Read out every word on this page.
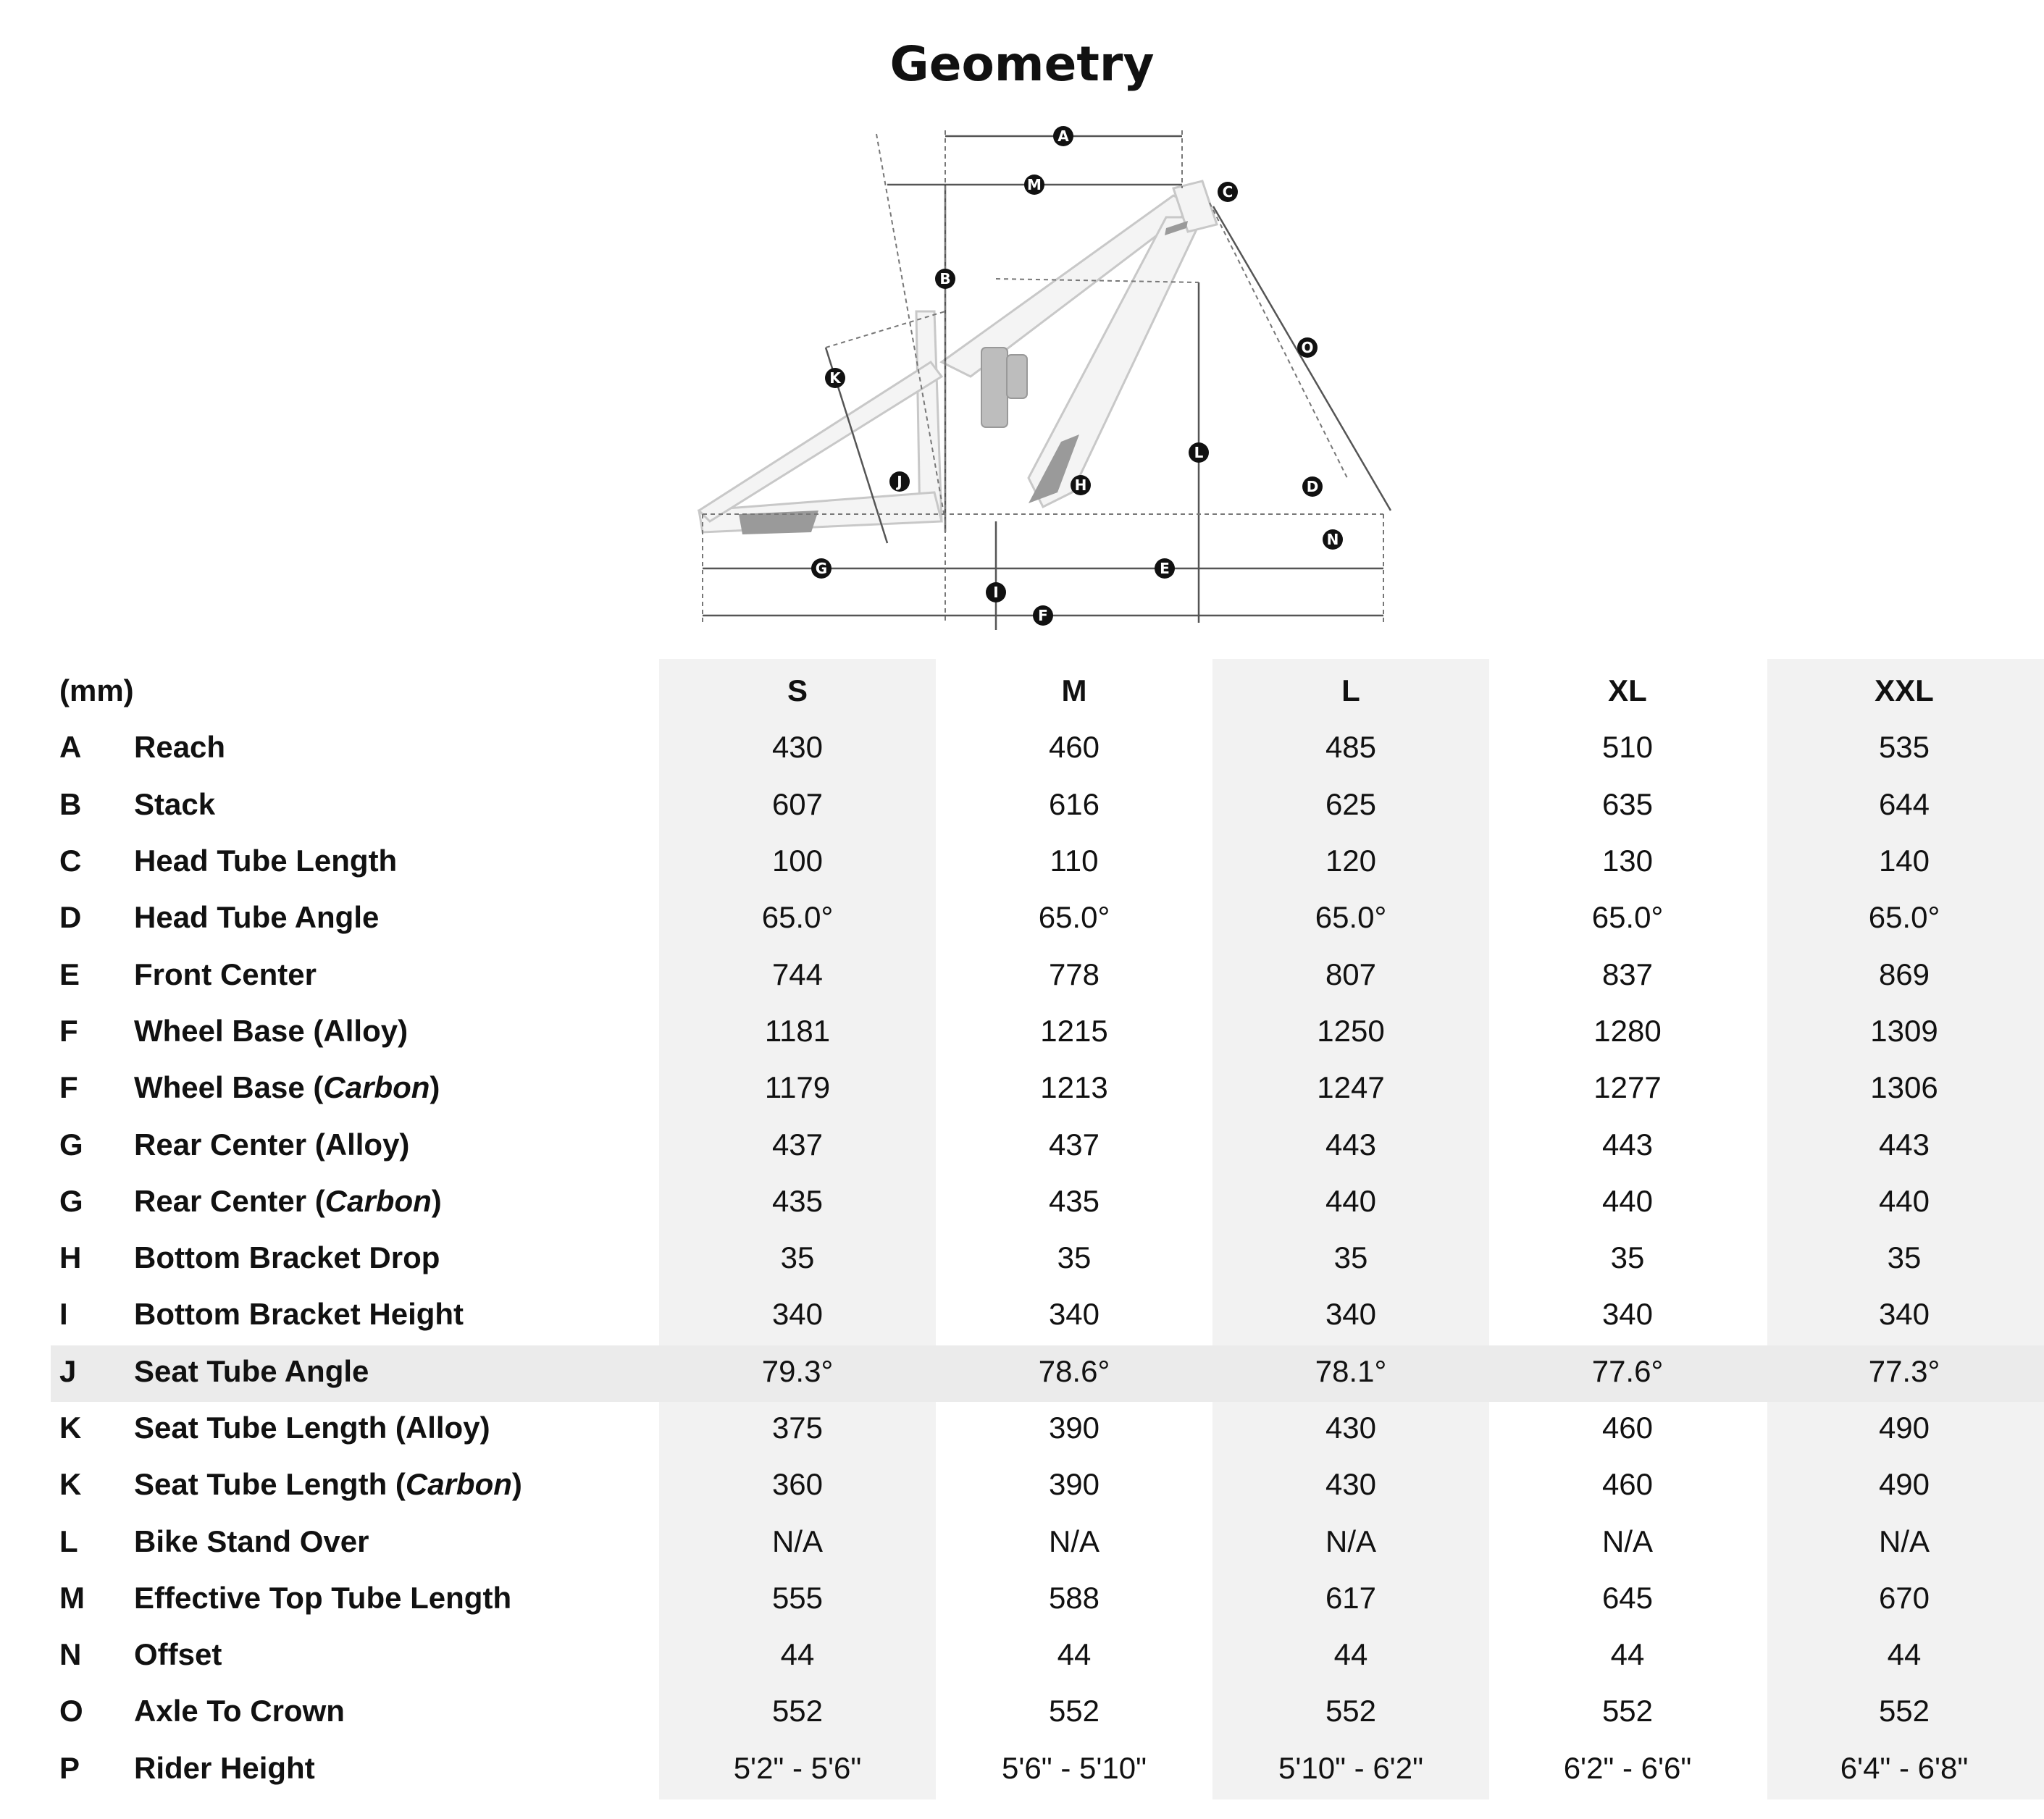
Geometry
A
M	C
B
O
K
L
J	H	D
N
G	E
I
F
(mm)		S	M	L	XL	XXL
A	Reach	430	460	485	510	535
B	Stack	607	616	625	635	644
C	Head Tube Length	100	110	120	130	140
D	Head Tube Angle	65.0°	65.0°	65.0°	65.0°	65.0°
E	Front Center	744	778	807	837	869
F	Wheel Base (Alloy)	1181	1215	1250	1280	1309
F	Wheel Base (Carbon)	1179	1213	1247	1277	1306
G	Rear Center (Alloy)	437	437	443	443	443
G	Rear Center (Carbon)	435	435	440	440	440
H	Bottom Bracket Drop	35	35	35	35	35
I	Bottom Bracket Height	340	340	340	340	340
J	Seat Tube Angle	79.3°	78.6°	78.1°	77.6°	77.3°
K	Seat Tube Length (Alloy)	375	390	430	460	490
K	Seat Tube Length (Carbon)	360	390	430	460	490
L	Bike Stand Over	N/A	N/A	N/A	N/A	N/A
M	Effective Top Tube Length	555	588	617	645	670
N	Offset	44	44	44	44	44
O	Axle To Crown	552	552	552	552	552
P	Rider Height	5'2" - 5'6"	5'6" - 5'10"	5'10" - 6'2"	6'2" - 6'6"	6'4" - 6'8"
